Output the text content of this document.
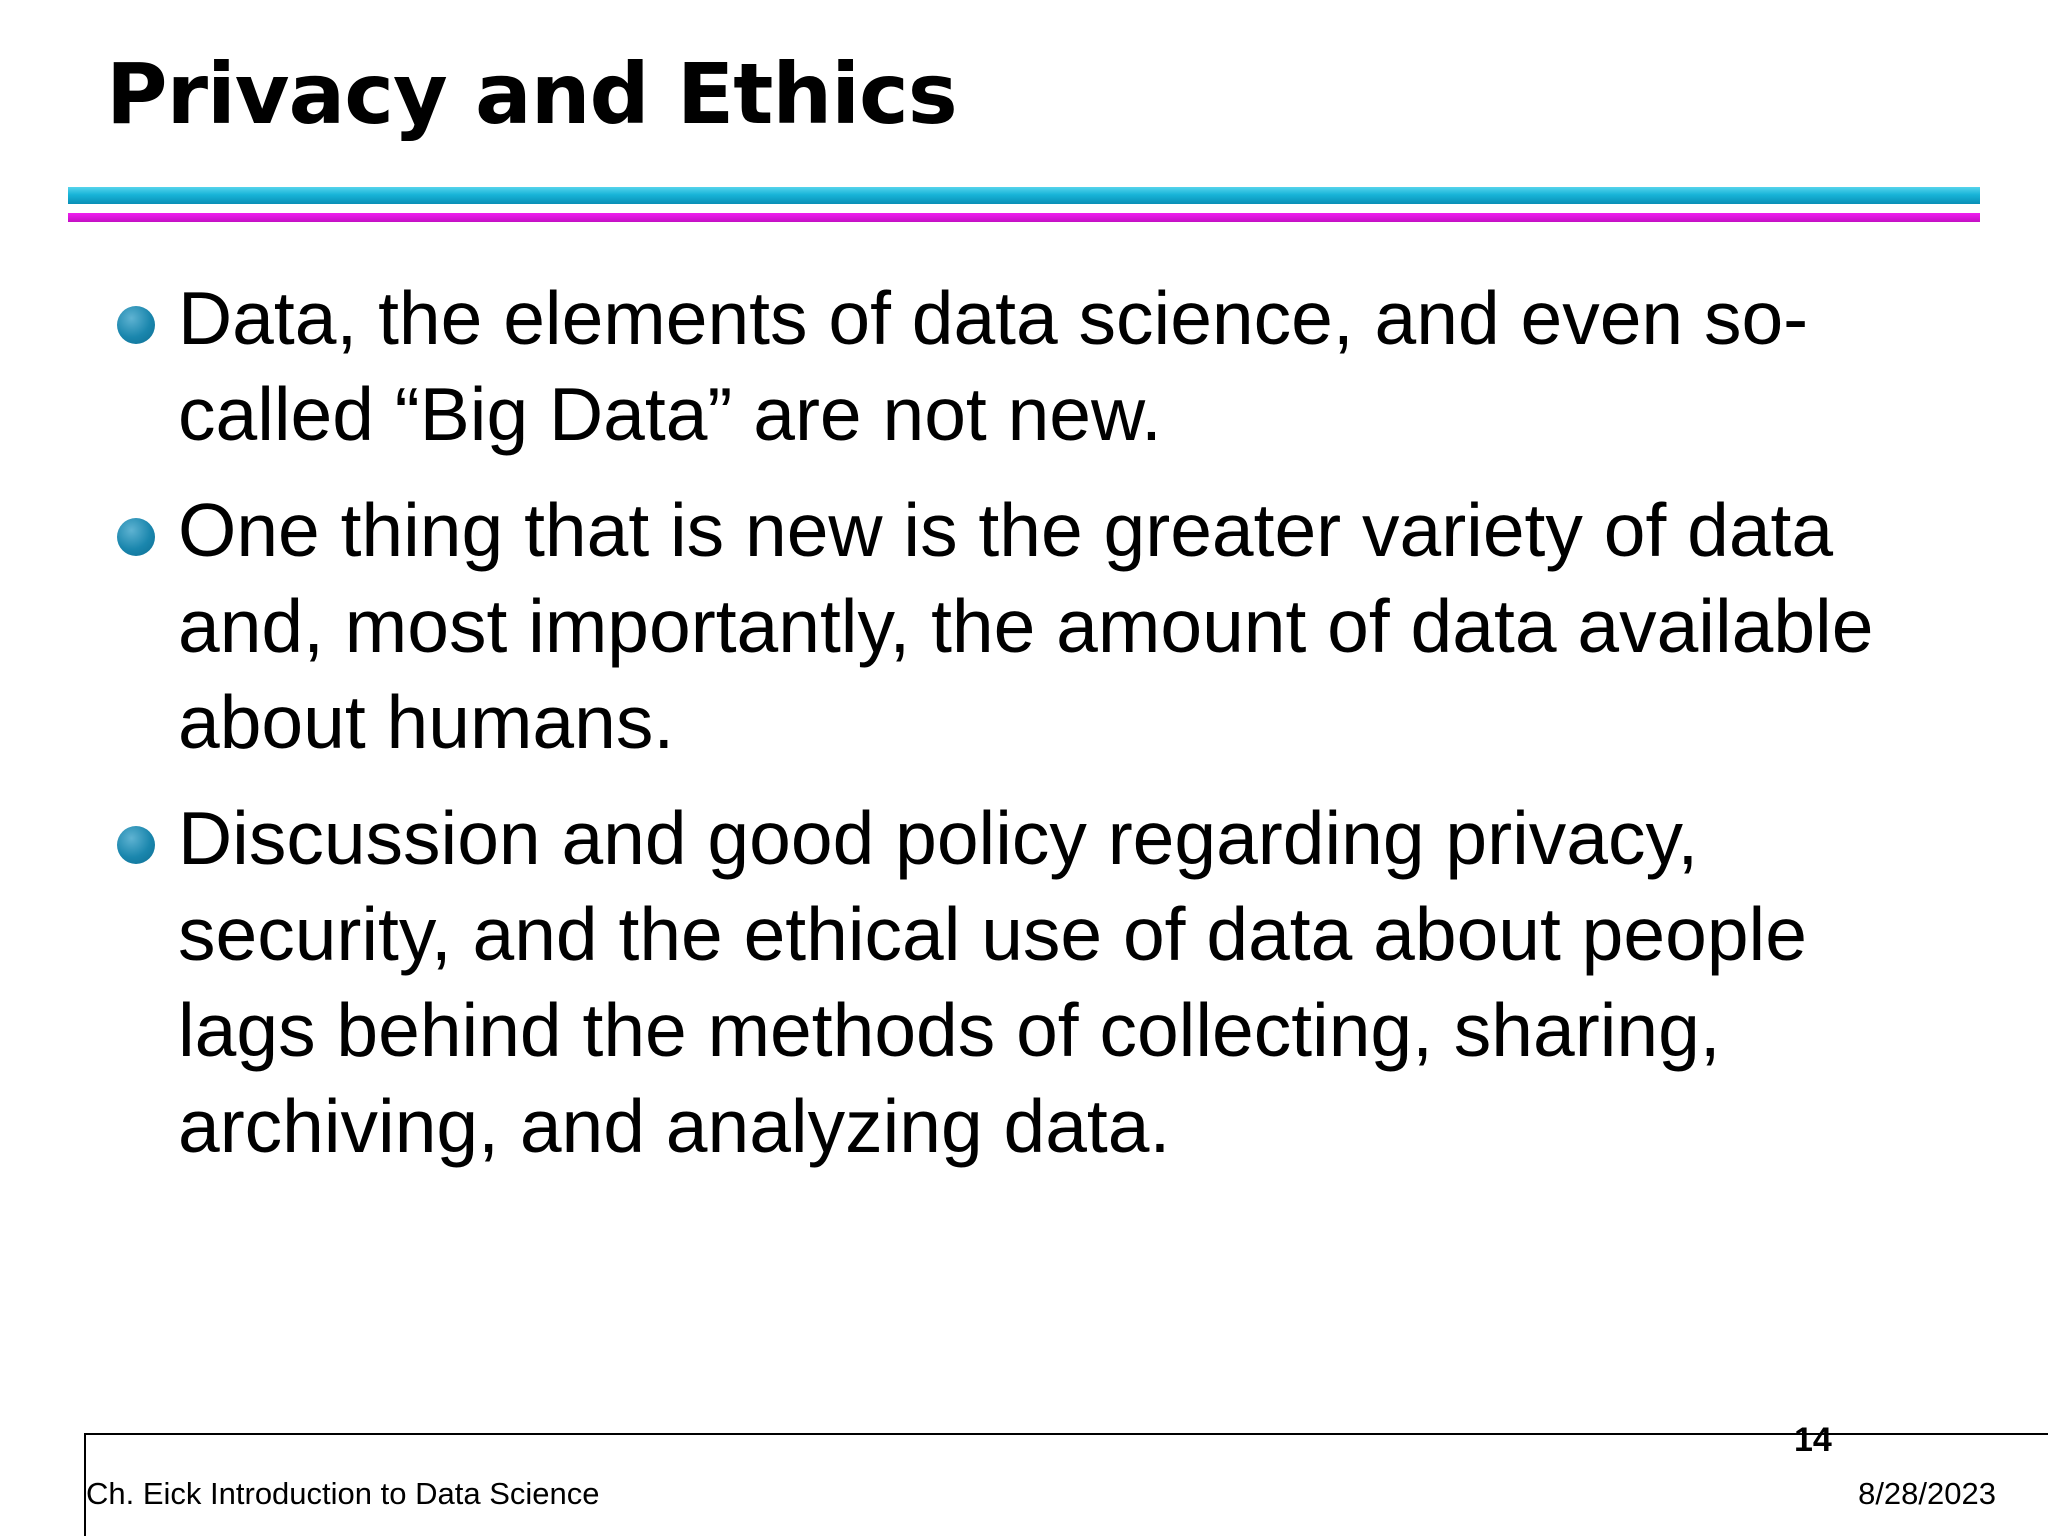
Privacy and Ethics
Data, the elements of data science, and even so-called “Big Data” are not new.
One thing that is new is the greater variety of data and, most importantly, the amount of data available about humans.
Discussion and good policy regarding privacy, security, and the ethical use of data about people lags behind the methods of collecting, sharing, archiving, and analyzing data.
14
Ch. Eick Introduction to Data Science	8/28/2023
